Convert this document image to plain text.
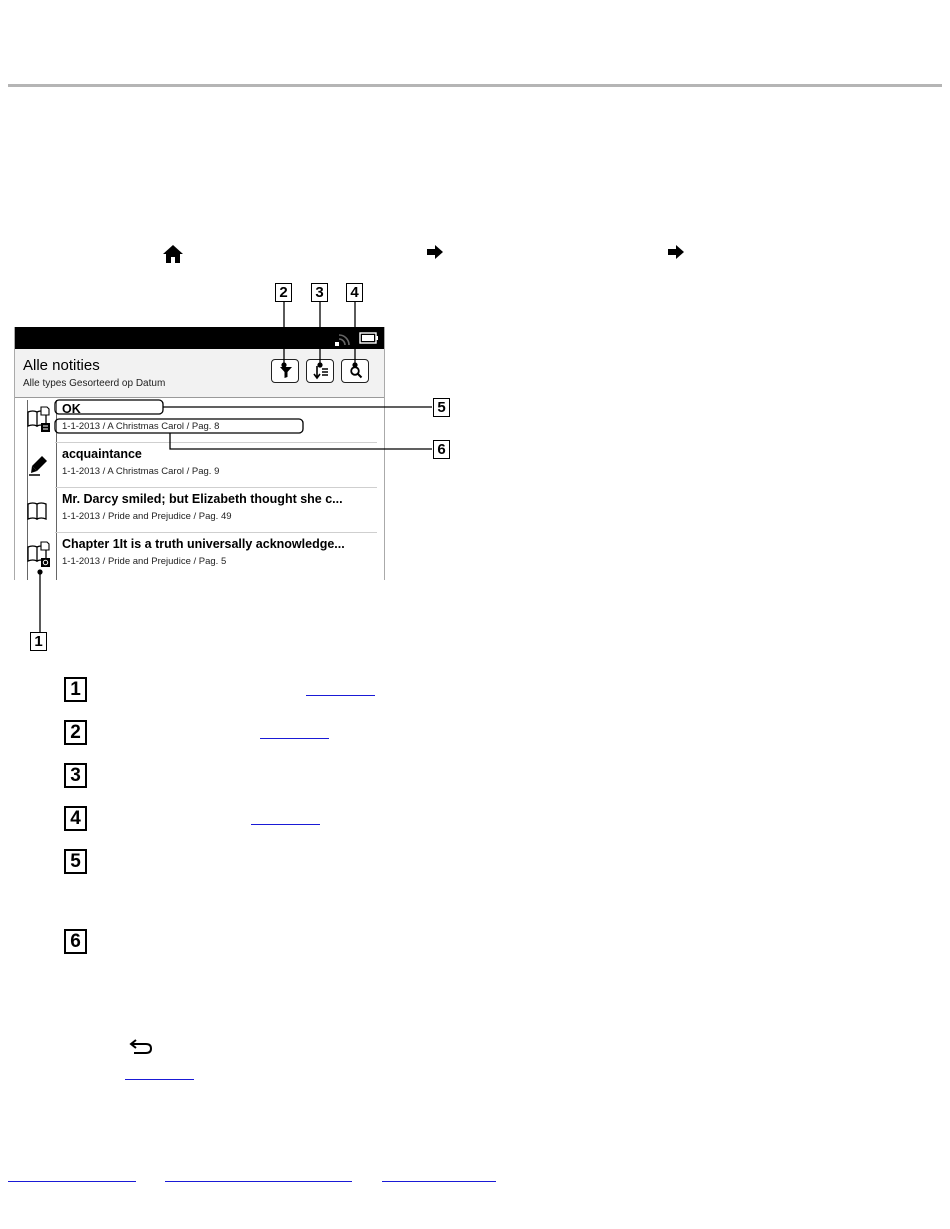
2 3 4
Alle notities
Alle types Gesorteerd op Datum
OK
1-1-2013 / A Christmas Carol / Pag. 8
acquaintance
1-1-2013 / A Christmas Carol / Pag. 9
Mr. Darcy smiled; but Elizabeth thought she c...
1-1-2013 / Pride and Prejudice / Pag. 49
Chapter 1It is a truth universally acknowledge...
1-1-2013 / Pride and Prejudice / Pag. 5
5
6
1
1
2
3
4
5
6
